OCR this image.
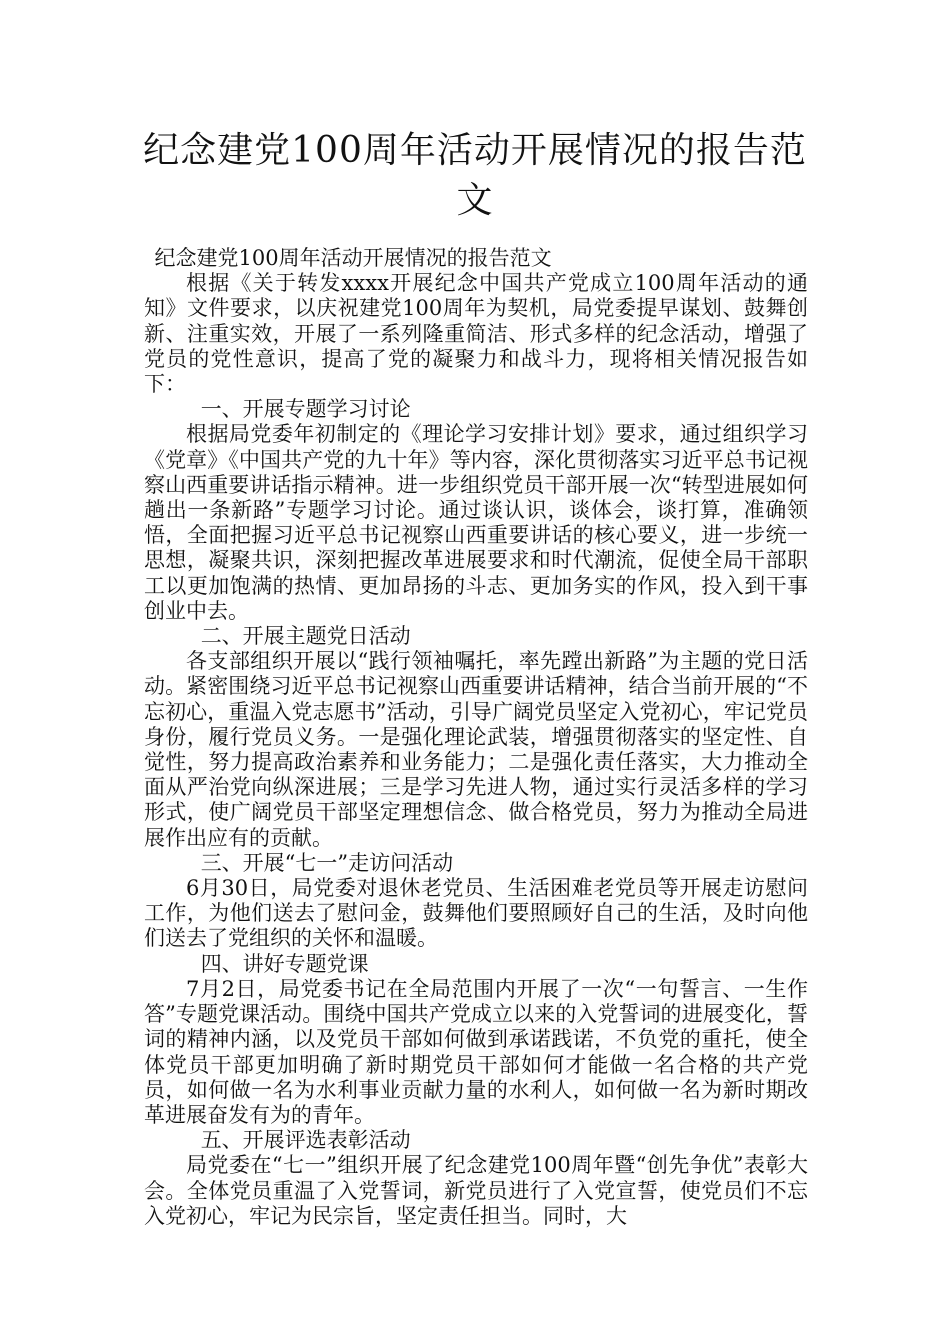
纪念建党100周年活动开展情况的报告范文

纪念建党100周年活动开展情况的报告范文

根据《关于转发xxxx开展纪念中国共产党成立100周年活动的通知》文件要求，以庆祝建党100周年为契机，局党委提早谋划、鼓舞创新、注重实效，开展了一系列隆重简洁、形式多样的纪念活动，增强了党员的党性意识，提高了党的凝聚力和战斗力，现将相关情况报告如下：

一、开展专题学习讨论

根据局党委年初制定的《理论学习安排计划》要求，通过组织学习《党章》《中国共产党的九十年》等内容，深化贯彻落实习近平总书记视察山西重要讲话指示精神。进一步组织党员干部开展一次“转型进展如何趟出一条新路”专题学习讨论。通过谈认识，谈体会，谈打算，准确领悟，全面把握习近平总书记视察山西重要讲话的核心要义，进一步统一思想，凝聚共识，深刻把握改革进展要求和时代潮流，促使全局干部职工以更加饱满的热情、更加昂扬的斗志、更加务实的作风，投入到干事创业中去。

二、开展主题党日活动

各支部组织开展以“践行领袖嘱托，率先蹚出新路”为主题的党日活动。紧密围绕习近平总书记视察山西重要讲话精神，结合当前开展的“不忘初心，重温入党志愿书”活动，引导广阔党员坚定入党初心，牢记党员身份，履行党员义务。一是强化理论武装，增强贯彻落实的坚定性、自觉性，努力提高政治素养和业务能力；二是强化责任落实，大力推动全面从严治党向纵深进展；三是学习先进人物，通过实行灵活多样的学习形式，使广阔党员干部坚定理想信念、做合格党员，努力为推动全局进展作出应有的贡献。

三、开展“七一”走访问活动

6月30日，局党委对退休老党员、生活困难老党员等开展走访慰问工作，为他们送去了慰问金，鼓舞他们要照顾好自己的生活，及时向他们送去了党组织的关怀和温暖。

四、讲好专题党课

7月2日，局党委书记在全局范围内开展了一次“一句誓言、一生作答”专题党课活动。围绕中国共产党成立以来的入党誓词的进展变化，誓词的精神内涵，以及党员干部如何做到承诺践诺，不负党的重托，使全体党员干部更加明确了新时期党员干部如何才能做一名合格的共产党员，如何做一名为水利事业贡献力量的水利人，如何做一名为新时期改革进展奋发有为的青年。

五、开展评选表彰活动

局党委在“七一”组织开展了纪念建党100周年暨“创先争优”表彰大会。全体党员重温了入党誓词，新党员进行了入党宣誓，使党员们不忘入党初心，牢记为民宗旨，坚定责任担当。同时，大
